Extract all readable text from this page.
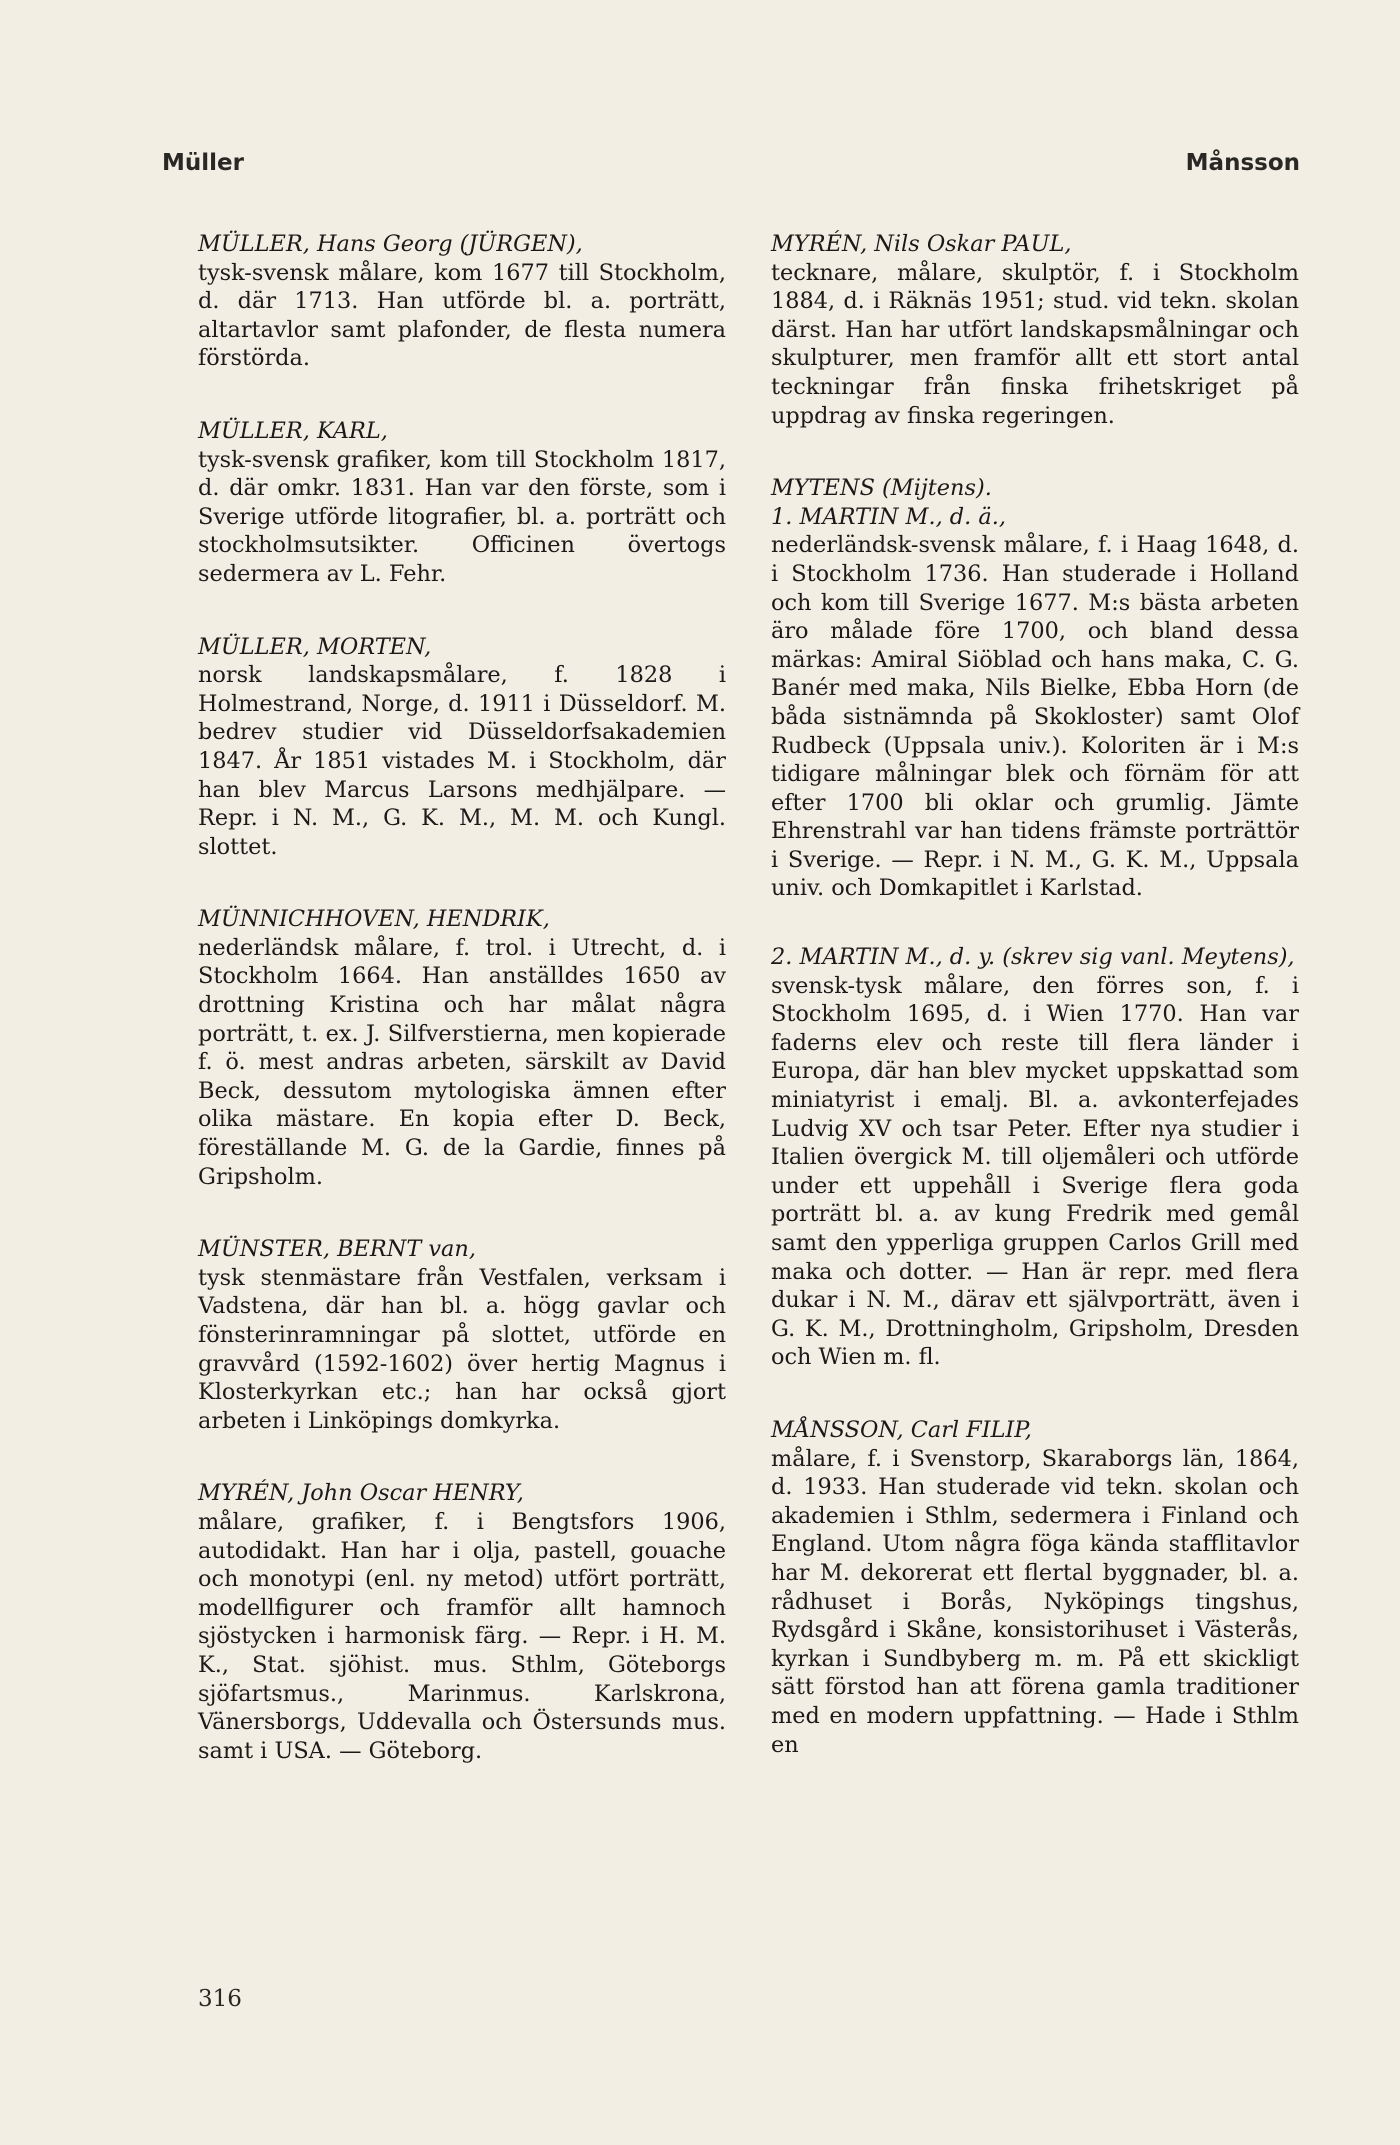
Müller	Månsson
MÜLLER, Hans Georg (JÜRGEN),
tysk-svensk målare, kom 1677 till Stockholm, d. där 1713. Han utförde bl. a. porträtt, altartavlor samt plafonder, de flesta numera förstörda.
MÜLLER, KARL,
tysk-svensk grafiker, kom till Stockholm 1817, d. där omkr. 1831. Han var den förste, som i Sverige utförde litografier, bl. a. porträtt och stockholmsutsikter. Officinen övertogs sedermera av L. Fehr.
MÜLLER, MORTEN,
norsk landskapsmålare, f. 1828 i Holmestrand, Norge, d. 1911 i Düsseldorf. M. bedrev studier vid Düsseldorfsakademien 1847. År 1851 vistades M. i Stockholm, där han blev Marcus Larsons medhjälpare. — Repr. i N. M., G. K. M., M. M. och Kungl. slottet.
MÜNNICHHOVEN, HENDRIK,
nederländsk målare, f. trol. i Utrecht, d. i Stockholm 1664. Han anställdes 1650 av drottning Kristina och har målat några porträtt, t. ex. J. Silfverstierna, men kopierade f. ö. mest andras arbeten, särskilt av David Beck, dessutom mytologiska ämnen efter olika mästare. En kopia efter D. Beck, föreställande M. G. de la Gardie, finnes på Gripsholm.
MÜNSTER, BERNT van,
tysk stenmästare från Vestfalen, verksam i Vadstena, där han bl. a. högg gavlar och fönsterinramningar på slottet, utförde en gravvård (1592-1602) över hertig Magnus i Klosterkyrkan etc.; han har också gjort arbeten i Linköpings domkyrka.
MYRÉN, John Oscar HENRY,
målare, grafiker, f. i Bengtsfors 1906, autodidakt. Han har i olja, pastell, gouache och monotypi (enl. ny metod) utfört porträtt, modellfigurer och framför allt hamnoch sjöstycken i harmonisk färg. — Repr. i H. M. K., Stat. sjöhist. mus. Sthlm, Göteborgs sjöfartsmus., Marinmus. Karlskrona, Vänersborgs, Uddevalla och Östersunds mus. samt i USA. — Göteborg.
MYRÉN, Nils Oskar PAUL,
tecknare, målare, skulptör, f. i Stockholm 1884, d. i Räknäs 1951; stud. vid tekn. skolan därst. Han har utfört landskapsmålningar och skulpturer, men framför allt ett stort antal teckningar från finska frihetskriget på uppdrag av finska regeringen.
MYTENS (Mijtens).
1. MARTIN M., d. ä.,
nederländsk-svensk målare, f. i Haag 1648, d. i Stockholm 1736. Han studerade i Holland och kom till Sverige 1677. M:s bästa arbeten äro målade före 1700, och bland dessa märkas: Amiral Siöblad och hans maka, C. G. Banér med maka, Nils Bielke, Ebba Horn (de båda sistnämnda på Skokloster) samt Olof Rudbeck (Uppsala univ.). Koloriten är i M:s tidigare målningar blek och förnäm för att efter 1700 bli oklar och grumlig. Jämte Ehrenstrahl var han tidens främste porträttör i Sverige. — Repr. i N. M., G. K. M., Uppsala univ. och Domkapitlet i Karlstad.
2. MARTIN M., d. y. (skrev sig vanl. Meytens),
svensk-tysk målare, den förres son, f. i Stockholm 1695, d. i Wien 1770. Han var faderns elev och reste till flera länder i Europa, där han blev mycket uppskattad som miniatyrist i emalj. Bl. a. avkonterfejades Ludvig XV och tsar Peter. Efter nya studier i Italien övergick M. till oljemåleri och utförde under ett uppehåll i Sverige flera goda porträtt bl. a. av kung Fredrik med gemål samt den ypperliga gruppen Carlos Grill med maka och dotter. — Han är repr. med flera dukar i N. M., därav ett självporträtt, även i G. K. M., Drottningholm, Gripsholm, Dresden och Wien m. fl.
MÅNSSON, Carl FILIP,
målare, f. i Svenstorp, Skaraborgs län, 1864, d. 1933. Han studerade vid tekn. skolan och akademien i Sthlm, sedermera i Finland och England. Utom några föga kända stafflitavlor har M. dekorerat ett flertal byggnader, bl. a. rådhuset i Borås, Nyköpings tingshus, Rydsgård i Skåne, konsistorihuset i Västerås, kyrkan i Sundbyberg m. m. På ett skickligt sätt förstod han att förena gamla traditioner med en modern uppfattning. — Hade i Sthlm en
316
